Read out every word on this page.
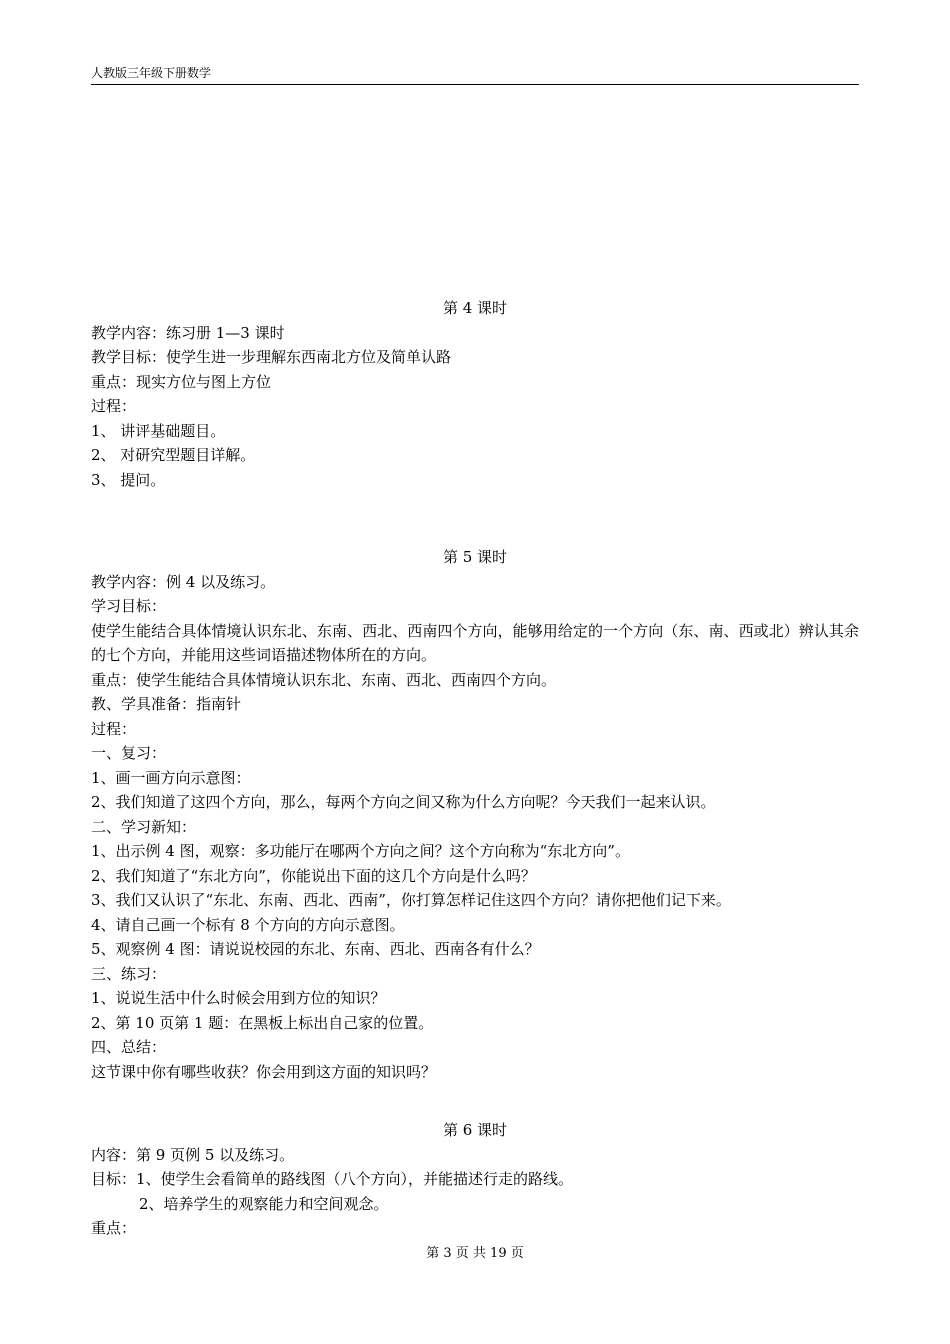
人教版三年级下册数学
第 4 课时
教学内容：练习册 1—3 课时
教学目标：使学生进一步理解东西南北方位及简单认路
重点：现实方位与图上方位
过程：
1、 讲评基础题目。
2、 对研究型题目详解。
3、 提问。
第 5 课时
教学内容：例 4 以及练习。
学习目标：
使学生能结合具体情境认识东北、东南、西北、西南四个方向，能够用给定的一个方向（东、南、西或北）辨认其余的七个方向，并能用这些词语描述物体所在的方向。
重点：使学生能结合具体情境认识东北、东南、西北、西南四个方向。
教、学具准备：指南针
过程：
一、复习：
1、画一画方向示意图：
2、我们知道了这四个方向，那么，每两个方向之间又称为什么方向呢？今天我们一起来认识。
二、学习新知：
1、出示例 4 图，观察：多功能厅在哪两个方向之间？这个方向称为“东北方向”。
2、我们知道了“东北方向”，你能说出下面的这几个方向是什么吗？
3、我们又认识了“东北、东南、西北、西南”，你打算怎样记住这四个方向？请你把他们记下来。
4、请自己画一个标有 8 个方向的方向示意图。
5、观察例 4 图：请说说校园的东北、东南、西北、西南各有什么？
三、练习：
1、说说生活中什么时候会用到方位的知识？
2、第 10 页第 1 题：在黑板上标出自己家的位置。
四、总结：
这节课中你有哪些收获？你会用到这方面的知识吗？
第 6 课时
内容：第 9 页例 5 以及练习。
目标：1、使学生会看简单的路线图（八个方向），并能描述行走的路线。
2、培养学生的观察能力和空间观念。
重点：
第 3 页 共 19 页
